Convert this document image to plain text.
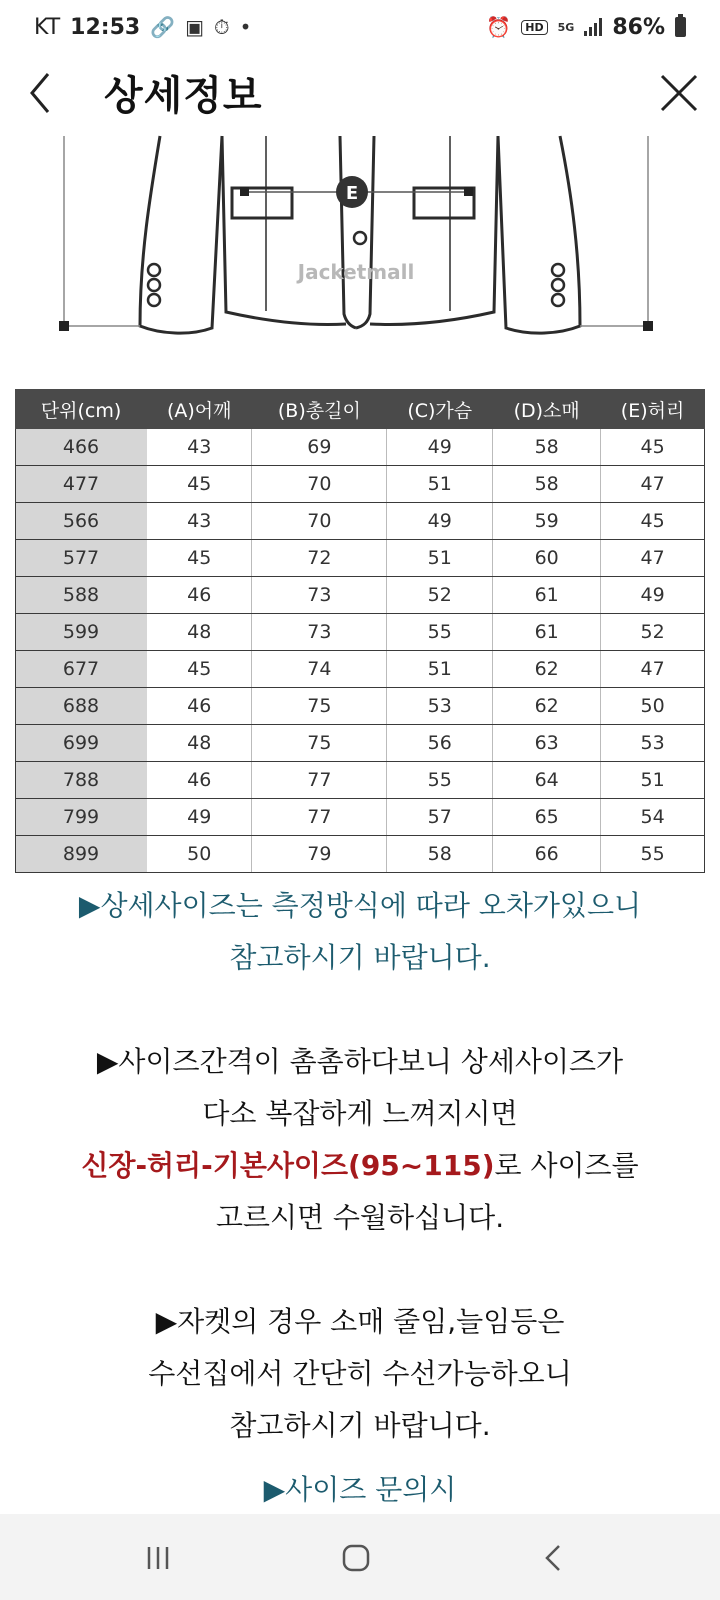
KT 12:53 🔗 ▣ ⏱ •	⏰	HD	5G 86%
상세정보
E
Jacketmall
단위(cm)	(A)어깨	(B)총길이	(C)가슴	(D)소매	(E)허리
466	43	69	49	58	45
477	45	70	51	58	47
566	43	70	49	59	45
577	45	72	51	60	47
588	46	73	52	61	49
599	48	73	55	61	52
677	45	74	51	62	47
688	46	75	53	62	50
699	48	75	56	63	53
788	46	77	55	64	51
799	49	77	57	65	54
899	50	79	58	66	55
▶상세사이즈는 측정방식에 따라 오차가있으니
참고하시기 바랍니다.
▶사이즈간격이 촘촘하다보니 상세사이즈가
다소 복잡하게 느껴지시면
신장-허리-기본사이즈(95~115)로 사이즈를
고르시면 수월하십니다.
▶자켓의 경우 소매 줄임,늘임등은
수선집에서 간단히 수선가능하오니
참고하시기 바랍니다.
▶사이즈 문의시
